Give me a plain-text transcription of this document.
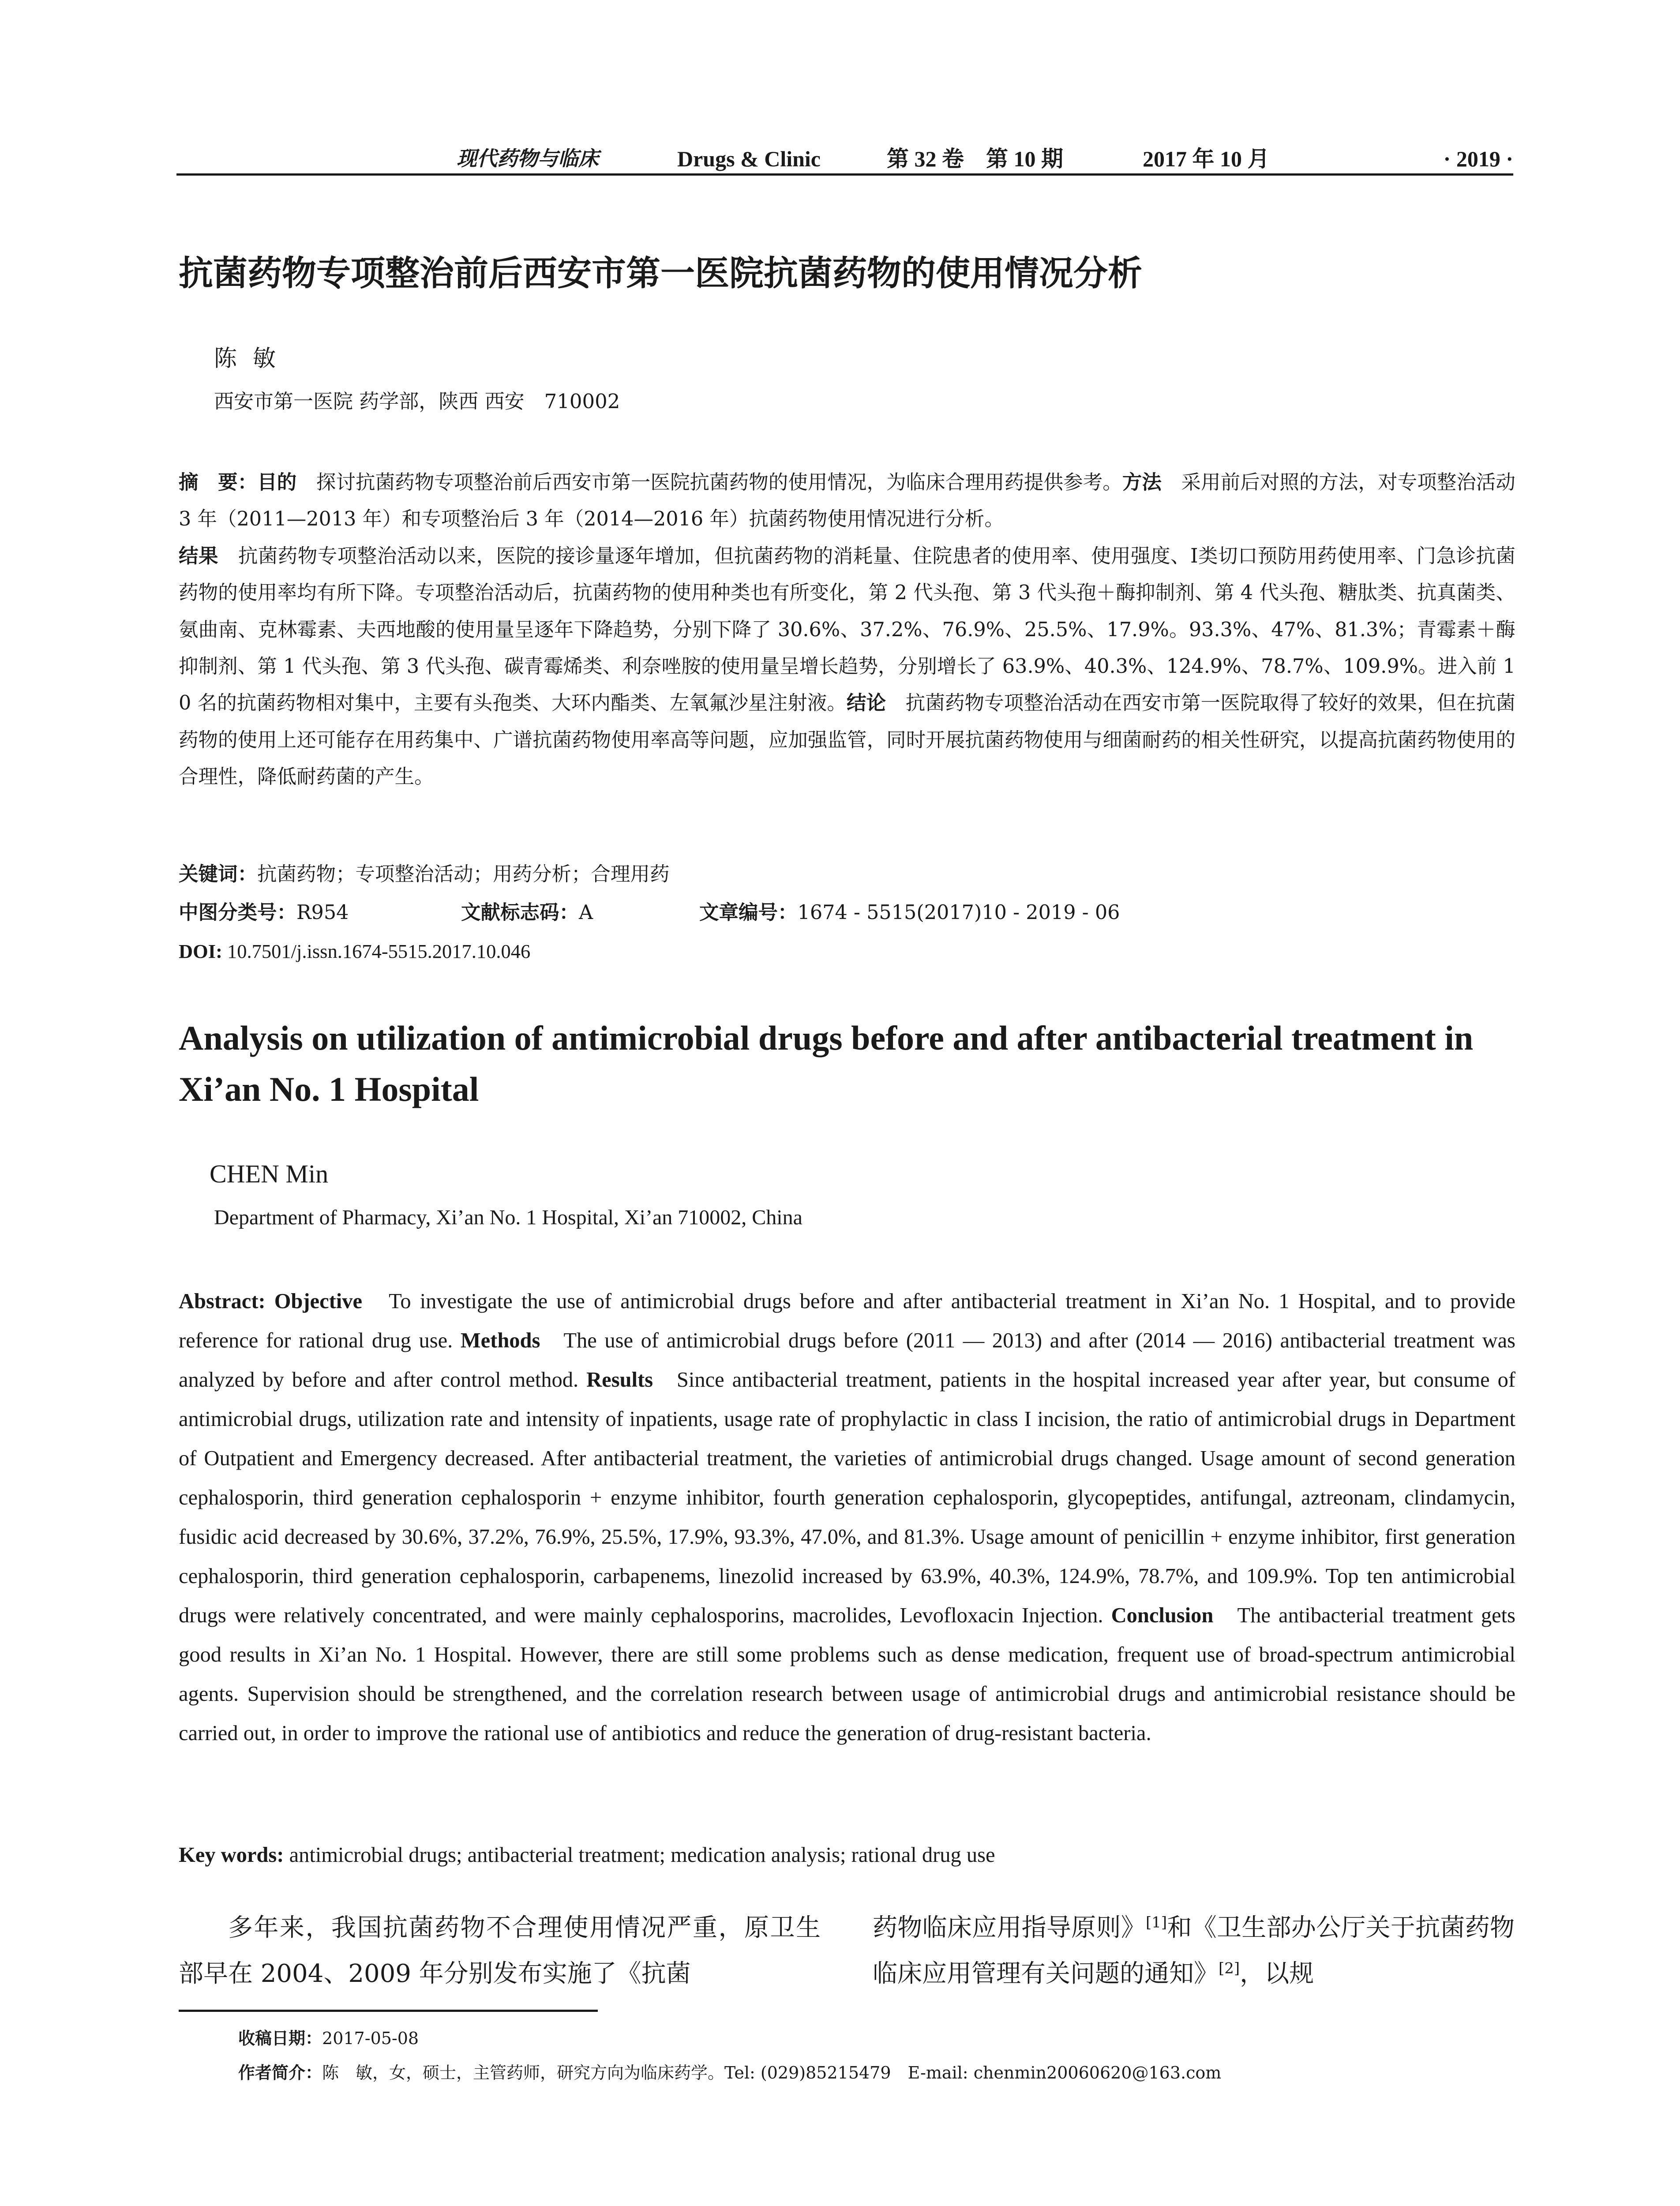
现代药物与临床	Drugs & Clinic	第 32 卷　第 10 期	2017 年 10 月	· 2019 ·
抗菌药物专项整治前后西安市第一医院抗菌药物的使用情况分析
陈敏
西安市第一医院 药学部，陕西 西安　710002
摘　要：目的　 探讨抗菌药物专项整治前后西安市第一医院抗菌药物的使用情况，为临床合理用药提供参考。方法　 采用前后对照的方法，对专项整治活动 3 年（2011—2013 年）和专项整治后 3 年（2014—2016 年）抗菌药物使用情况进行分析。
结果　 抗菌药物专项整治活动以来，医院的接诊量逐年增加，但抗菌药物的消耗量、住院患者的使用率、使用强度、Ⅰ类切口预防用药使用率、门急诊抗菌药物的使用率均有所下降。专项整治活动后，抗菌药物的使用种类也有所变化，第 2 代头孢、第 3 代头孢＋酶抑制剂、第 4 代头孢、糖肽类、抗真菌类、氨曲南、克林霉素、夫西地酸的使用量呈逐年下降趋势，分别下降了 30.6%、37.2%、76.9%、25.5%、17.9%。93.3%、47%、81.3%；青霉素＋酶抑制剂、第 1 代头孢、第 3 代头孢、碳青霉烯类、利奈唑胺的使用量呈增长趋势，分别增长了 63.9%、40.3%、124.9%、78.7%、109.9%。进入前 10 名的抗菌药物相对集中，主要有头孢类、大环内酯类、左氧氟沙星注射液。结论　 抗菌药物专项整治活动在西安市第一医院取得了较好的效果，但在抗菌药物的使用上还可能存在用药集中、广谱抗菌药物使用率高等问题，应加强监管，同时开展抗菌药物使用与细菌耐药的相关性研究，以提高抗菌药物使用的合理性，降低耐药菌的产生。
关键词：抗菌药物；专项整治活动；用药分析；合理用药
中图分类号：R954	文献标志码：A	文章编号：1674 - 5515(2017)10 - 2019 - 06
DOI: 10.7501/j.issn.1674-5515.2017.10.046
Analysis on utilization of antimicrobial drugs before and after antibacterial treatment in Xi’an No. 1 Hospital
CHEN Min
Department of Pharmacy, Xi’an No. 1 Hospital, Xi’an 710002, China
Abstract: Objective To investigate the use of antimicrobial drugs before and after antibacterial treatment in Xi’an No. 1 Hospital, and to provide reference for rational drug use. Methods The use of antimicrobial drugs before (2011 — 2013) and after (2014 — 2016) antibacterial treatment was analyzed by before and after control method. Results Since antibacterial treatment, patients in the hospital increased year after year, but consume of antimicrobial drugs, utilization rate and intensity of inpatients, usage rate of prophylactic in class I incision, the ratio of antimicrobial drugs in Department of Outpatient and Emergency decreased. After antibacterial treatment, the varieties of antimicrobial drugs changed. Usage amount of second generation cephalosporin, third generation cephalosporin + enzyme inhibitor, fourth generation cephalosporin, glycopeptides, antifungal, aztreonam, clindamycin, fusidic acid decreased by 30.6%, 37.2%, 76.9%, 25.5%, 17.9%, 93.3%, 47.0%, and 81.3%. Usage amount of penicillin + enzyme inhibitor, first generation cephalosporin, third generation cephalosporin, carbapenems, linezolid increased by 63.9%, 40.3%, 124.9%, 78.7%, and 109.9%. Top ten antimicrobial drugs were relatively concentrated, and were mainly cephalosporins, macrolides, Levofloxacin Injection. Conclusion The antibacterial treatment gets good results in Xi’an No. 1 Hospital. However, there are still some problems such as dense medication, frequent use of broad-spectrum antimicrobial agents. Supervision should be strengthened, and the correlation research between usage of antimicrobial drugs and antimicrobial resistance should be carried out, in order to improve the rational use of antibiotics and reduce the generation of drug-resistant bacteria.
Key words: antimicrobial drugs; antibacterial treatment; medication analysis; rational drug use
多年来，我国抗菌药物不合理使用情况严重，原卫生部早在 2004、2009 年分别发布实施了《抗菌
药物临床应用指导原则》[1]和《卫生部办公厅关于抗菌药物临床应用管理有关问题的通知》[2]，以规
收稿日期：2017-05-08
作者简介：陈　敏，女，硕士，主管药师，研究方向为临床药学。Tel: (029)85215479　E-mail: chenmin20060620@163.com
